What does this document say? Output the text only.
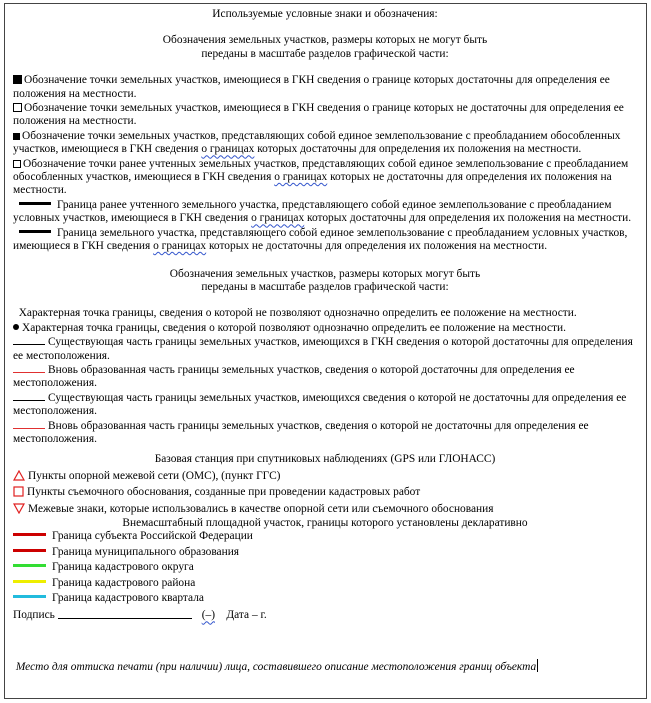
Используемые условные знаки и обозначения:
Обозначения земельных участков, размеры которых не могут быть
переданы в масштабе разделов графической части:

Обозначение точки земельных участков, имеющиеся в ГКН сведения о границе которых достаточны для определения ее положения на местности.

Обозначение точки земельных участков, имеющиеся в ГКН сведения о границе которых не достаточны для определения ее положения на местности.

Обозначение точки земельных участков, представляющих собой единое землепользование с преобладанием обособленных участков, имеющиеся в ГКН сведения о границах которых достаточны для определения их положения на местности.

Обозначение точки ранее учтенных земельных участков, представляющих собой единое землепользование с преобладанием обособленных участков, имеющиеся в ГКН сведения о границах которых не достаточны для определения их положения на местности.

Граница ранее учтенного земельного участка, представляющего собой единое землепользование с преобладанием условных участков, имеющиеся в ГКН сведения о границах которых достаточны для определения их положения на местности.

Граница земельного участка, представляющего собой единое землепользование с преобладанием условных участков, имеющиеся в ГКН сведения о границах которых не достаточны для определения их положения на местности.

Обозначения земельных участков, размеры которых могут быть
переданы в масштабе разделов графической части:

Характерная точка границы, сведения о которой не позволяют однозначно определить ее положение на местности.

Характерная точка границы, сведения о которой позволяют однозначно определить ее положение на местности.

Существующая часть границы земельных участков, имеющихся в ГКН сведения о которой достаточны для определения ее местоположения.

Вновь образованная часть границы земельных участков, сведения о которой достаточны для определения ее местоположения.

Существующая часть границы земельных участков, имеющихся сведения о которой не достаточны для определения ее местоположения.

Вновь образованная часть границы земельных участков, сведения о которой не достаточны для определения ее местоположения.

Базовая станция при спутниковых наблюдениях (GPS или ГЛОНАСС)

Пункты опорной межевой сети (ОМС), (пункт ГГС)

Пункты съемочного обоснования, созданные при проведении кадастровых работ

Межевые знаки, которые использовались в качестве опорной сети или съемочного обоснования

Внемасштабный площадной участок, границы которого установлены декларативно

Граница субъекта Российской Федерации

Граница муниципального образования

Граница кадастрового округа

Граница кадастрового района

Граница кадастрового квартала

Подпись	(–) Дата – г.

Место для оттиска печати (при наличии) лица, составившего описание местоположения границ объекта
